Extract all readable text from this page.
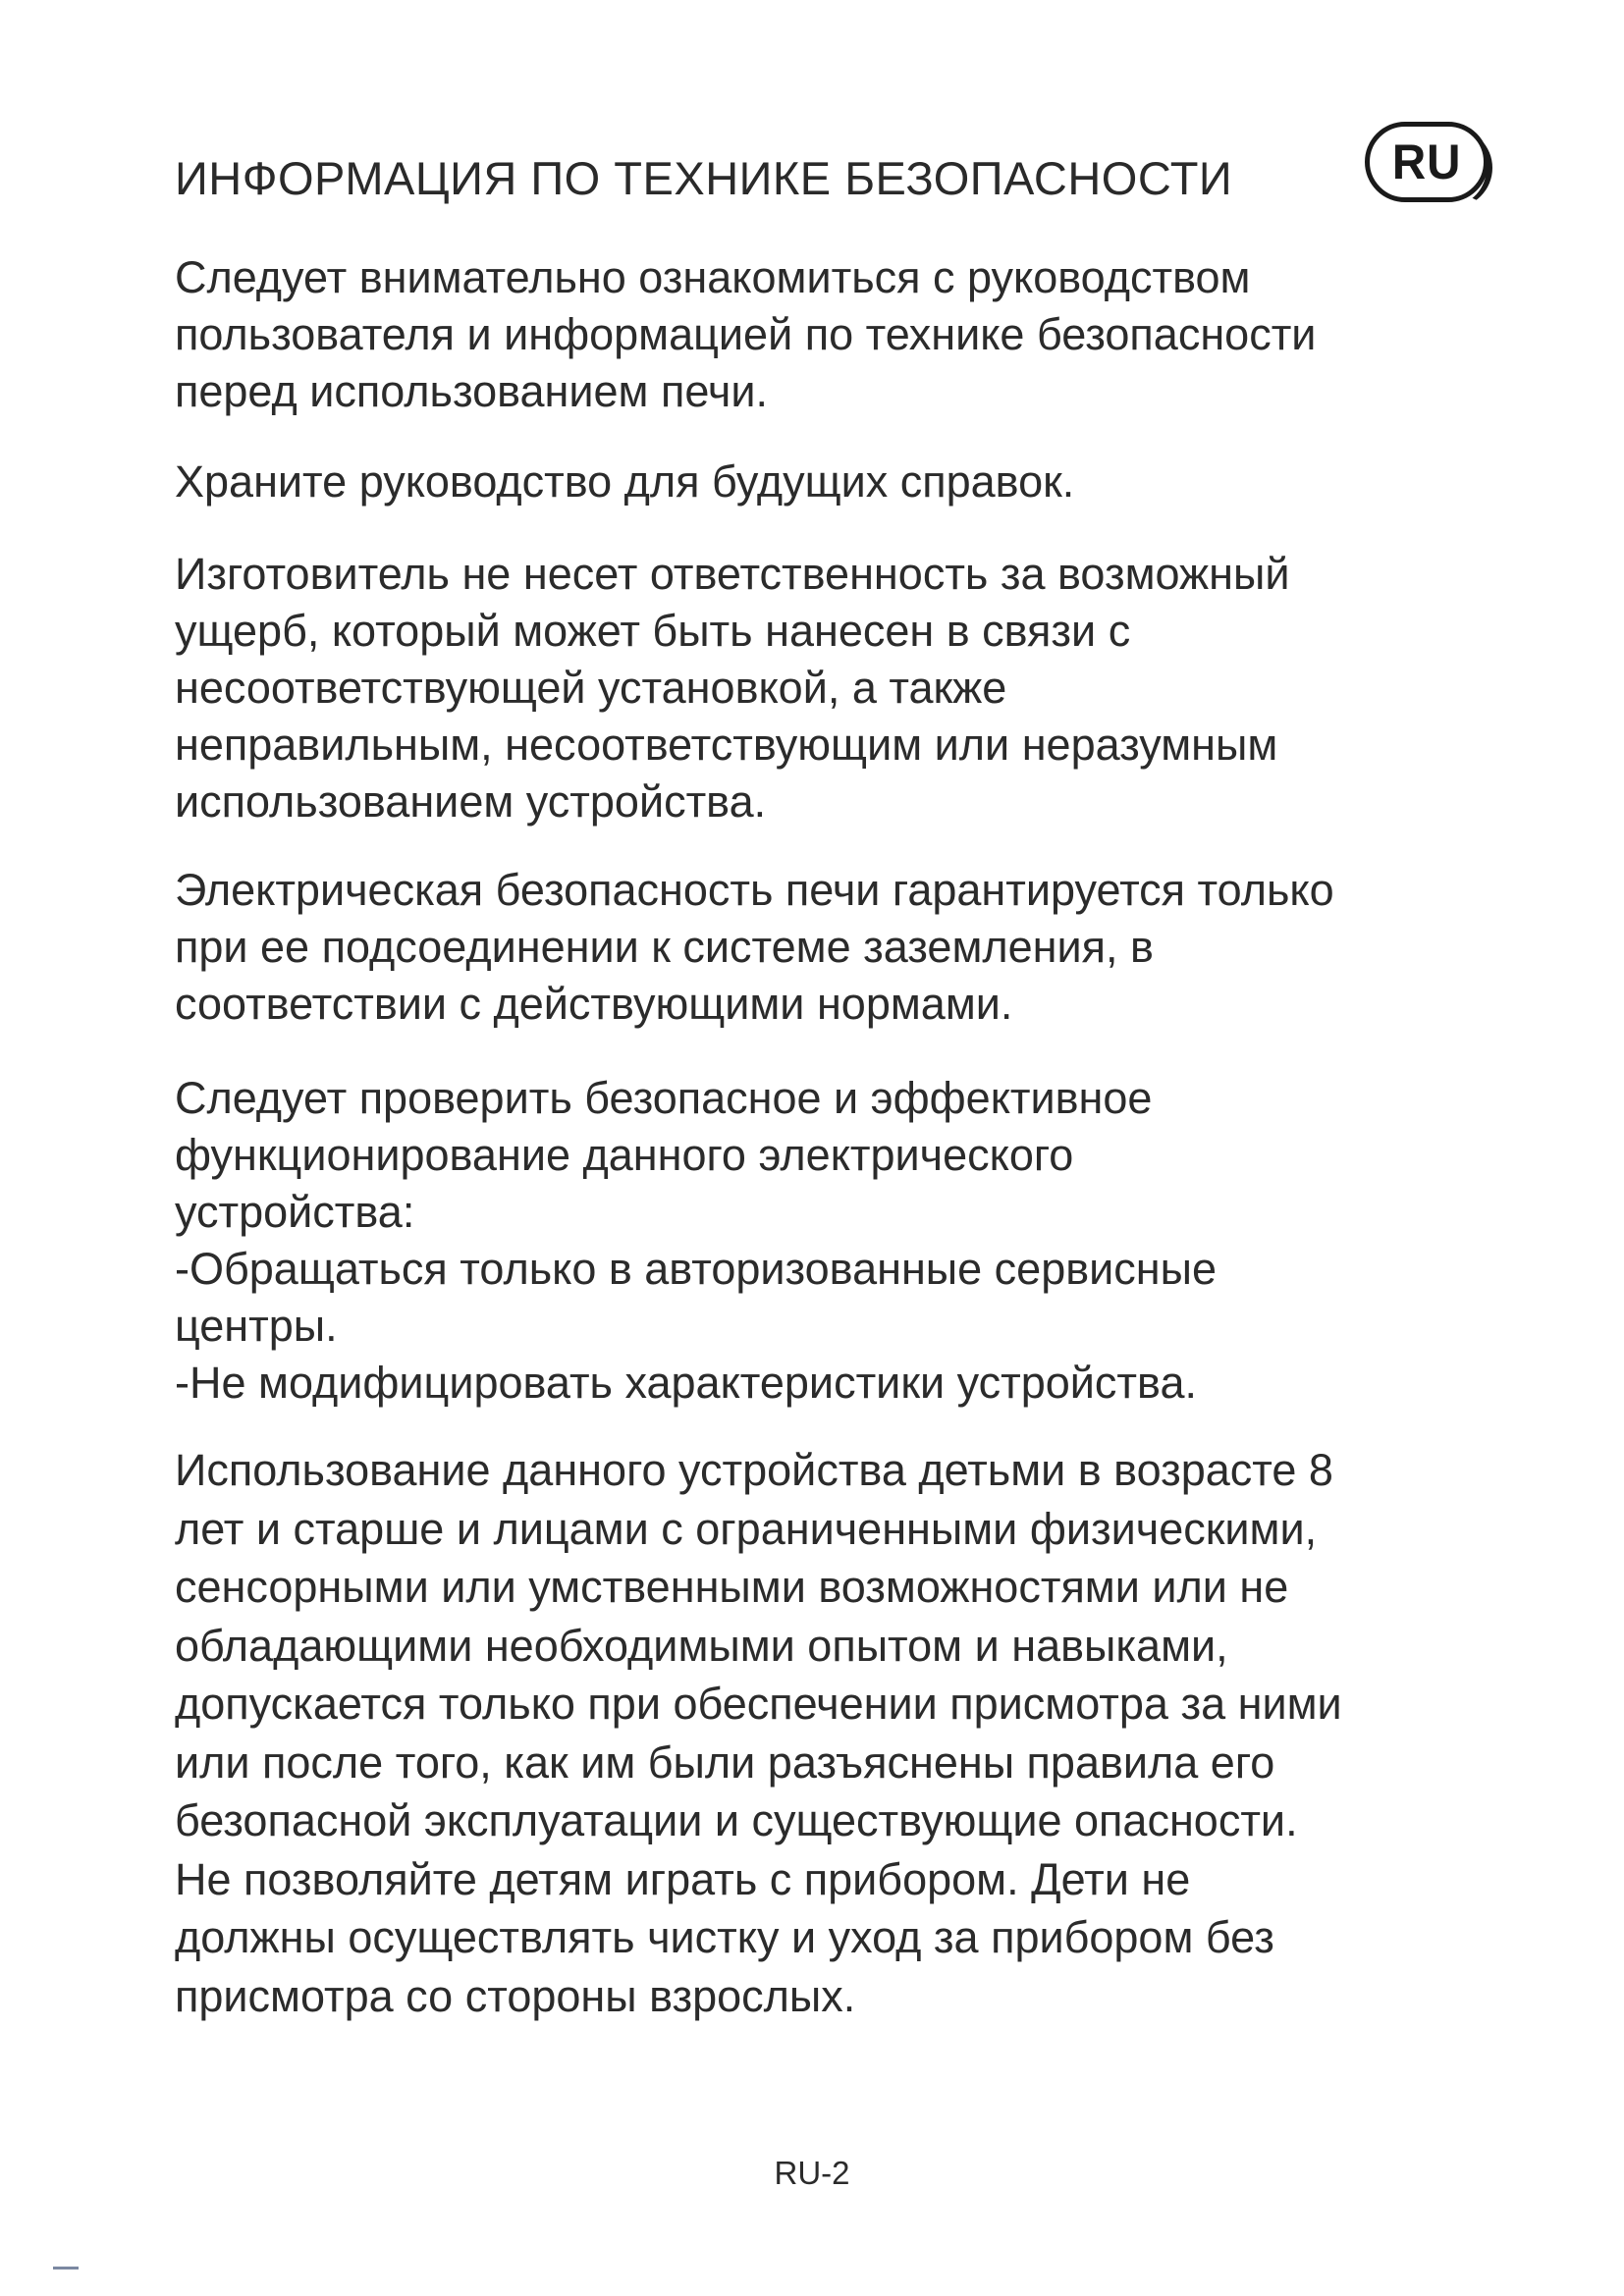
ИНФОРМАЦИЯ ПО ТЕХНИКЕ БЕЗОПАСНОСТИ	RU
Следует внимательно ознакомиться с руководством
пользователя и информацией по технике безопасности
перед использованием печи.
Храните руководство для будущих справок.
Изготовитель не несет ответственность за возможный
ущерб, который может быть нанесен в связи с
несоответствующей установкой, а также
неправильным, несоответствующим или неразумным
использованием устройства.
Электрическая безопасность печи гарантируется только
при ее подсоединении к системе заземления, в
соответствии с действующими нормами.
Следует проверить безопасное и эффективное
функционирование данного электрического
устройства:
-Обращаться только в авторизованные сервисные
центры.
-Не модифицировать характеристики устройства.
Использование данного устройства детьми в возрасте 8
лет и старше и лицами с ограниченными физическими,
сенсорными или умственными возможностями или не
обладающими необходимыми опытом и навыками,
допускается только при обеспечении присмотра за ними
или после того, как им были разъяснены правила его
безопасной эксплуатации и существующие опасности.
Не позволяйте детям играть с прибором. Дети не
должны осуществлять чистку и уход за прибором без
присмотра со стороны взрослых.
RU-2
